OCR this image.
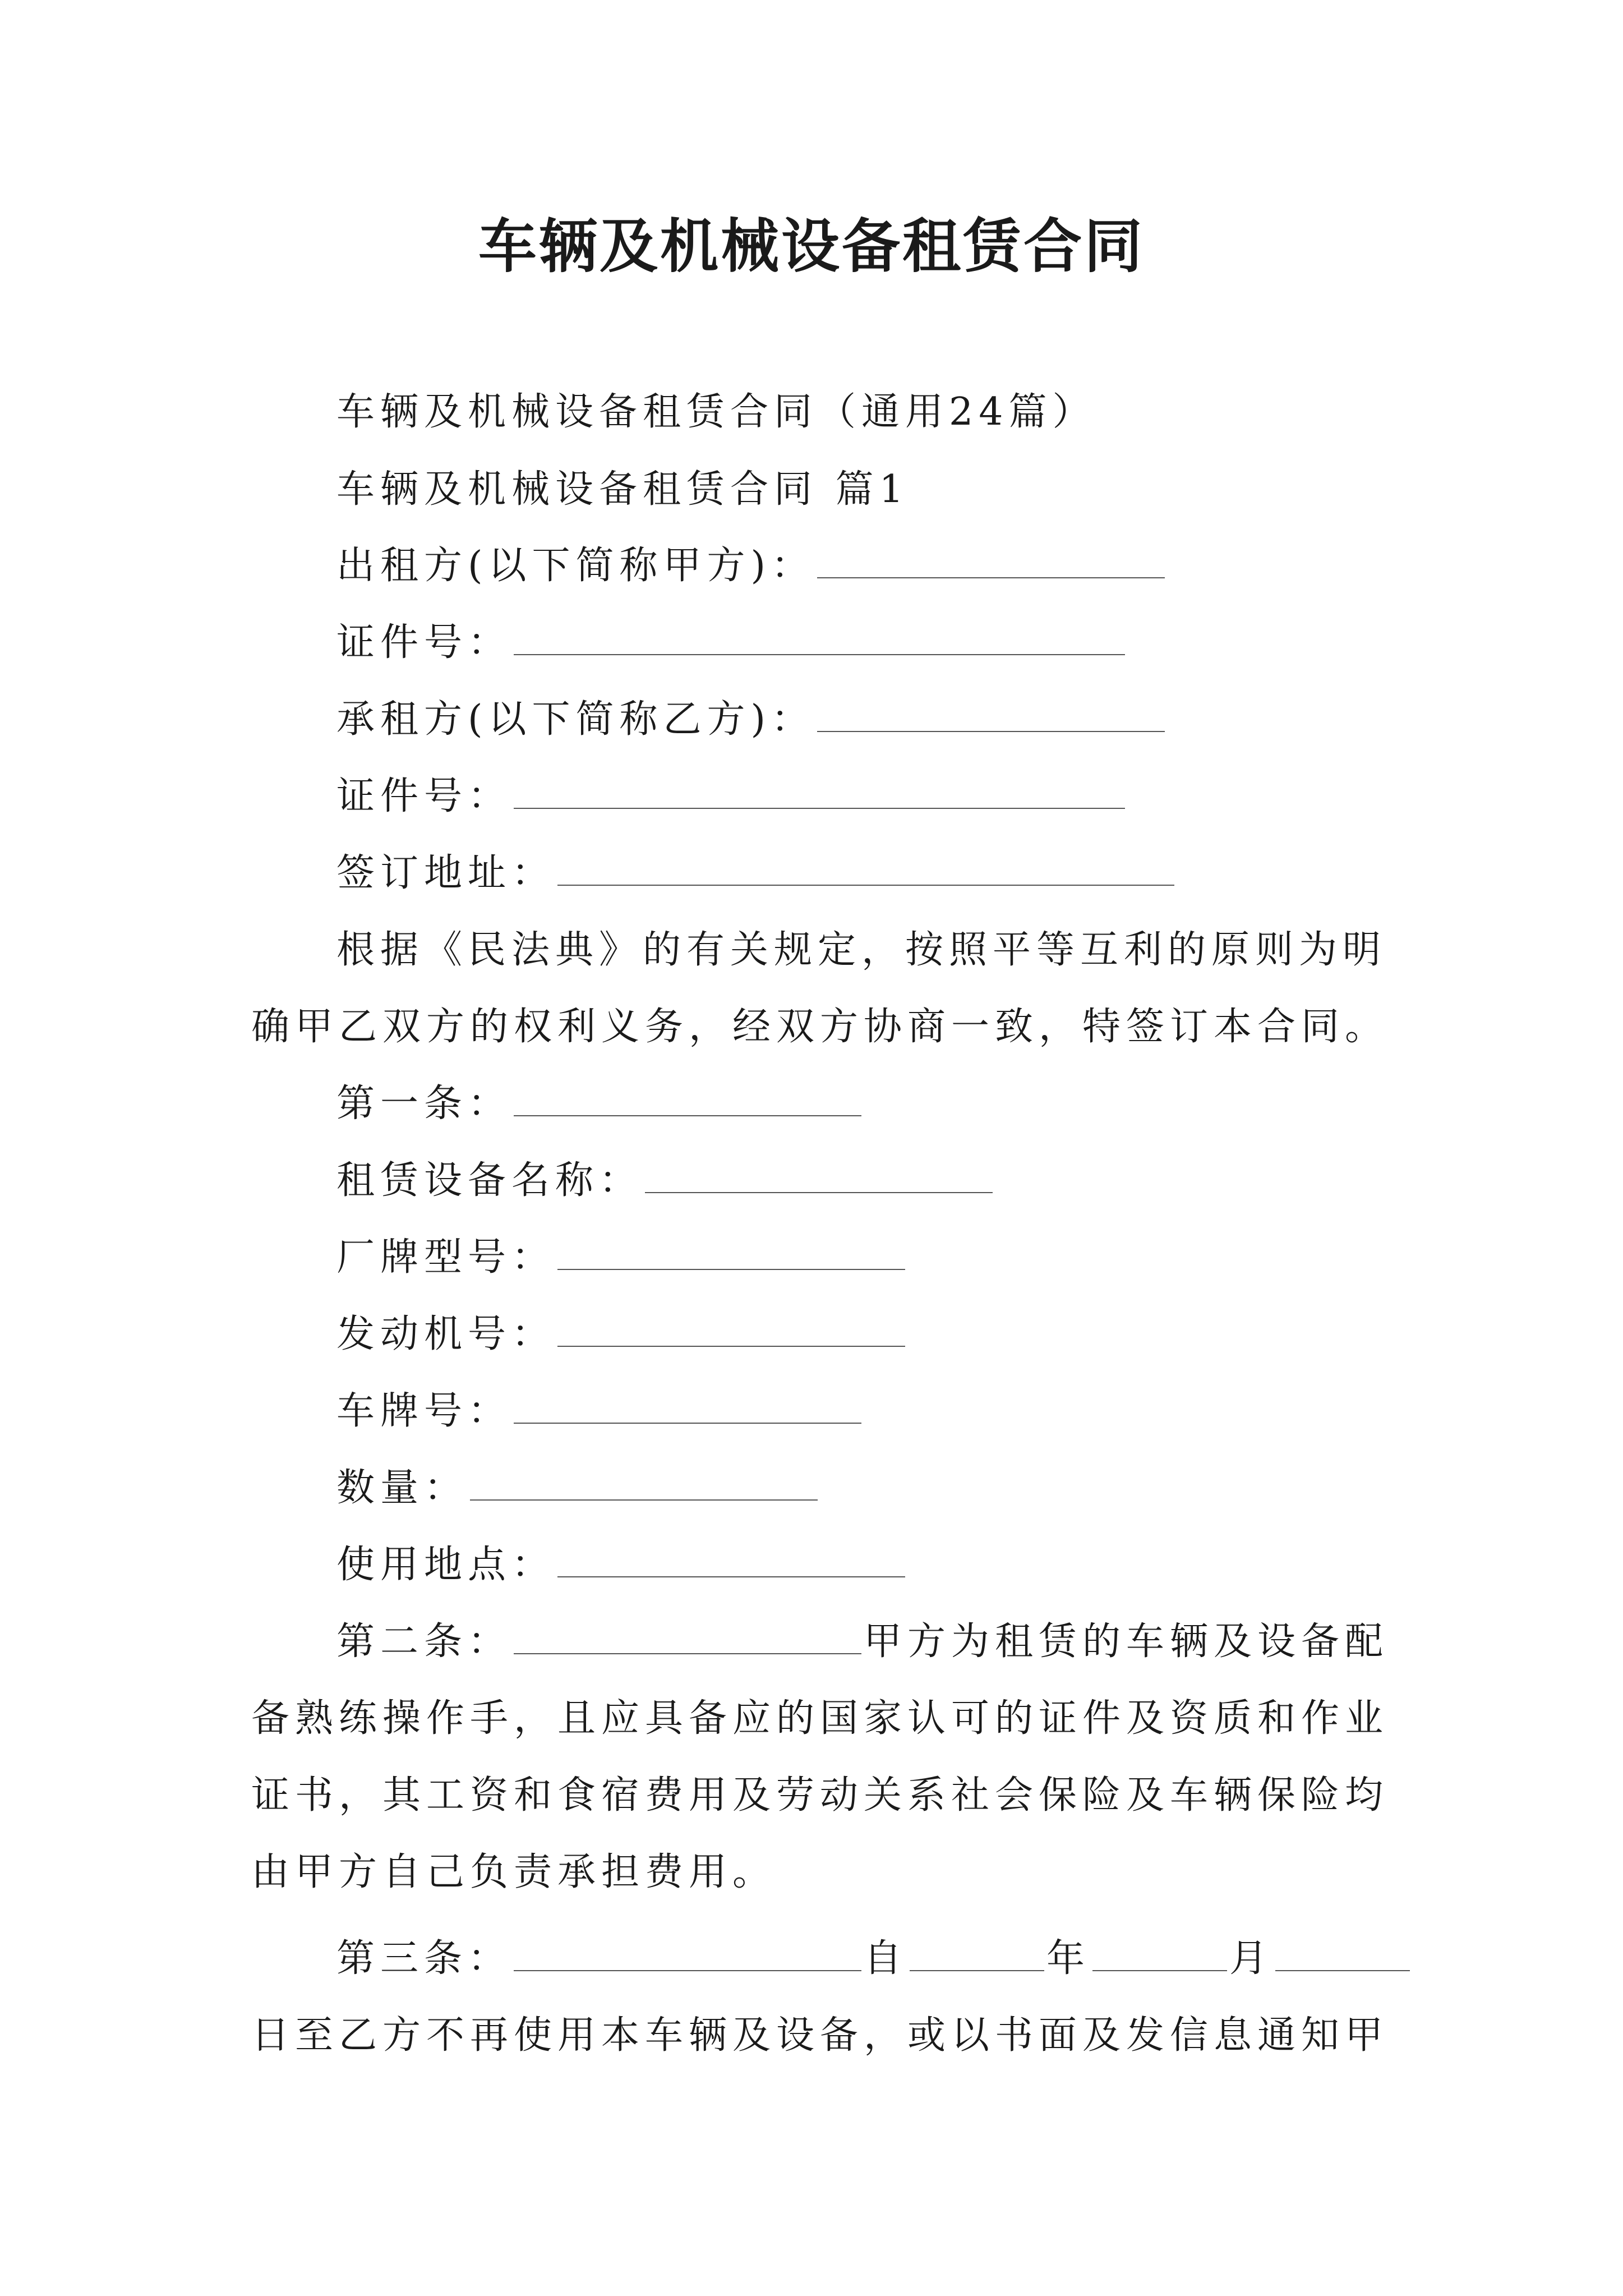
车辆及机械设备租赁合同
车辆及机械设备租赁合同（通用24篇）
车辆及机械设备租赁合同 篇1
出租方(以下简称甲方)：
证件号：
承租方(以下简称乙方)：
证件号：
签订地址：
根据《民法典》的有关规定，按照平等互利的原则为明
确甲乙双方的权利义务，经双方协商一致，特签订本合同。
第一条：
租赁设备名称：
厂牌型号：
发动机号：
车牌号：
数量：
使用地点：
第二条：	甲方为租赁的车辆及设备配
备熟练操作手，且应具备应的国家认可的证件及资质和作业
证书，其工资和食宿费用及劳动关系社会保险及车辆保险均
由甲方自己负责承担费用。
第三条：	自	年	月
日至乙方不再使用本车辆及设备，或以书面及发信息通知甲
